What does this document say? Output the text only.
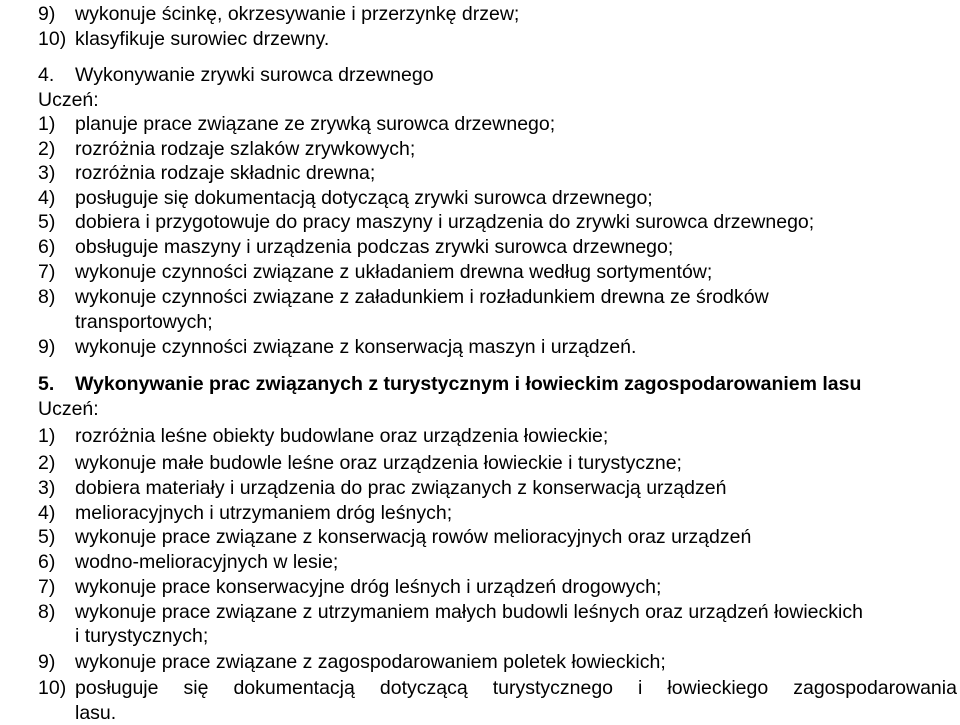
9) wykonuje ścinkę, okrzesywanie i przerzynkę drzew;
10) klasyfikuje surowiec drzewny.
4. Wykonywanie zrywki surowca drzewnego
Uczeń:
1) planuje prace związane ze zrywką surowca drzewnego;
2) rozróżnia rodzaje szlaków zrywkowych;
3) rozróżnia rodzaje składnic drewna;
4) posługuje się dokumentacją dotyczącą zrywki surowca drzewnego;
5) dobiera i przygotowuje do pracy maszyny i urządzenia do zrywki surowca drzewnego;
6) obsługuje maszyny i urządzenia podczas zrywki surowca drzewnego;
7) wykonuje czynności związane z układaniem drewna według sortymentów;
8) wykonuje czynności związane z załadunkiem i rozładunkiem drewna ze środków
transportowych;
9) wykonuje czynności związane z konserwacją maszyn i urządzeń.
5. Wykonywanie prac związanych z turystycznym i łowieckim zagospodarowaniem lasu
Uczeń:
1) rozróżnia leśne obiekty budowlane oraz urządzenia łowieckie;
2) wykonuje małe budowle leśne oraz urządzenia łowieckie i turystyczne;
3) dobiera materiały i urządzenia do prac związanych z konserwacją urządzeń
4) melioracyjnych i utrzymaniem dróg leśnych;
5) wykonuje prace związane z konserwacją rowów melioracyjnych oraz urządzeń
6) wodno-melioracyjnych w lesie;
7) wykonuje prace konserwacyjne dróg leśnych i urządzeń drogowych;
8) wykonuje prace związane z utrzymaniem małych budowli leśnych oraz urządzeń łowieckich
i turystycznych;
9) wykonuje prace związane z zagospodarowaniem poletek łowieckich;
10) posługuje się dokumentacją dotyczącą turystycznego i łowieckiego zagospodarowania
lasu.
